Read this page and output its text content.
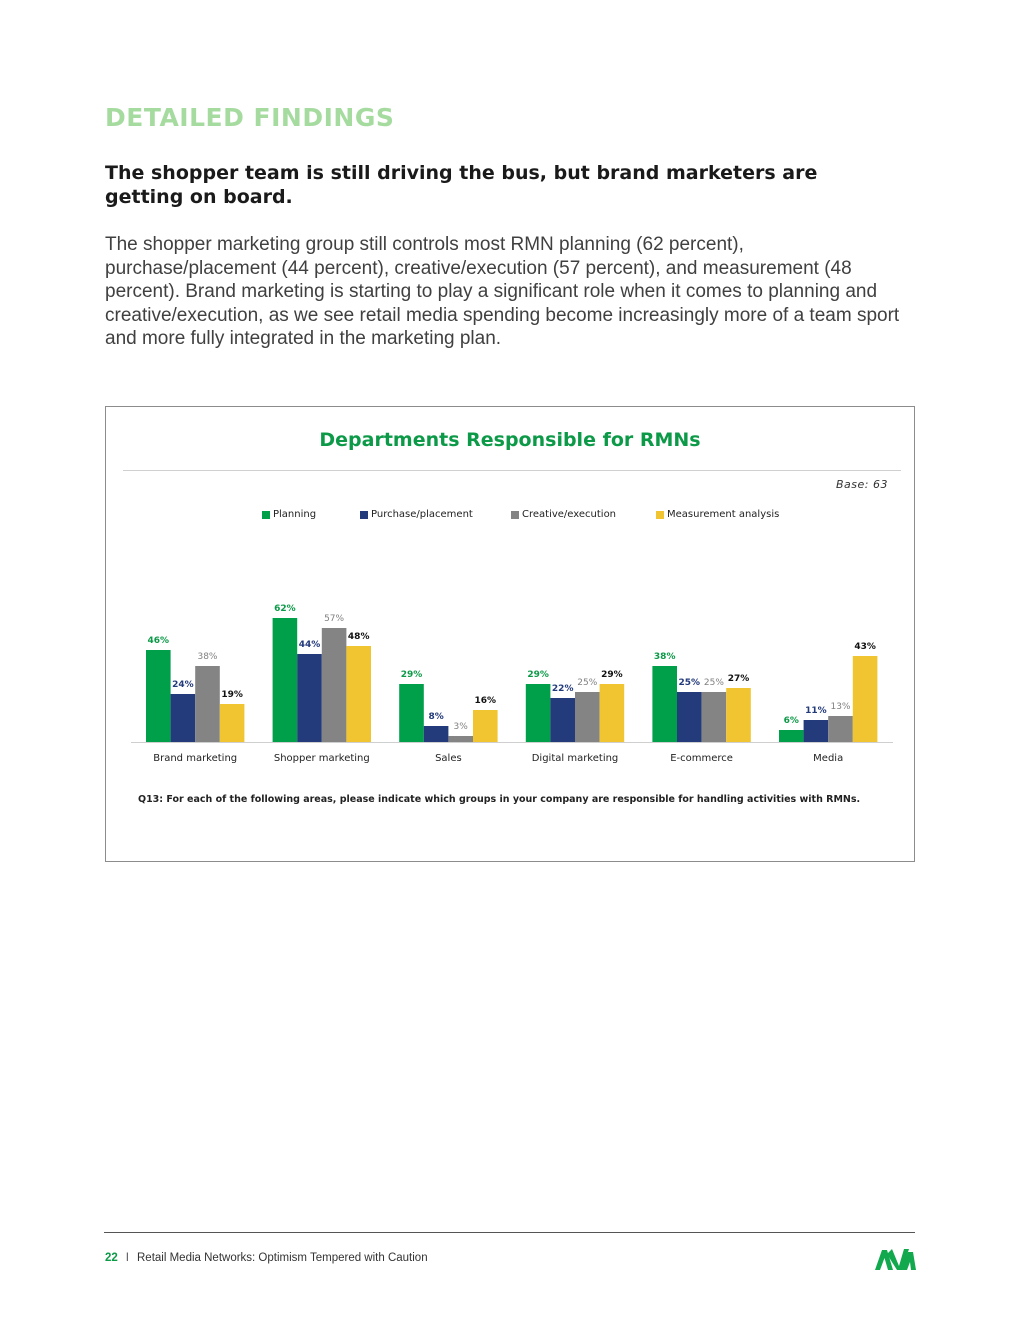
DETAILED FINDINGS
The shopper team is still driving the bus, but brand marketers are getting on board.
The shopper marketing group still controls most RMN planning (62 percent), purchase/placement (44 percent), creative/execution (57 percent), and measurement (48 percent). Brand marketing is starting to play a significant role when it comes to planning and creative/execution, as we see retail media spending become increasingly more of a team sport and more fully integrated in the marketing plan.
Departments Responsible for RMNs
Base: 63
Planning	Purchase/placement	Creative/execution	Measurement analysis
46%
24%
38%
19%
Brand marketing
62%
44%
57%
48%
Shopper marketing
29%
8%
3%
16%
Sales
29%
22%
25%
29%
Digital marketing
38%
25% 25% 27%
E-commerce
6%
11% 13%
43%
Media
Q13: For each of the following areas, please indicate which groups in your company are responsible for handling activities with RMNs.
22 I Retail Media Networks: Optimism Tempered with Caution
